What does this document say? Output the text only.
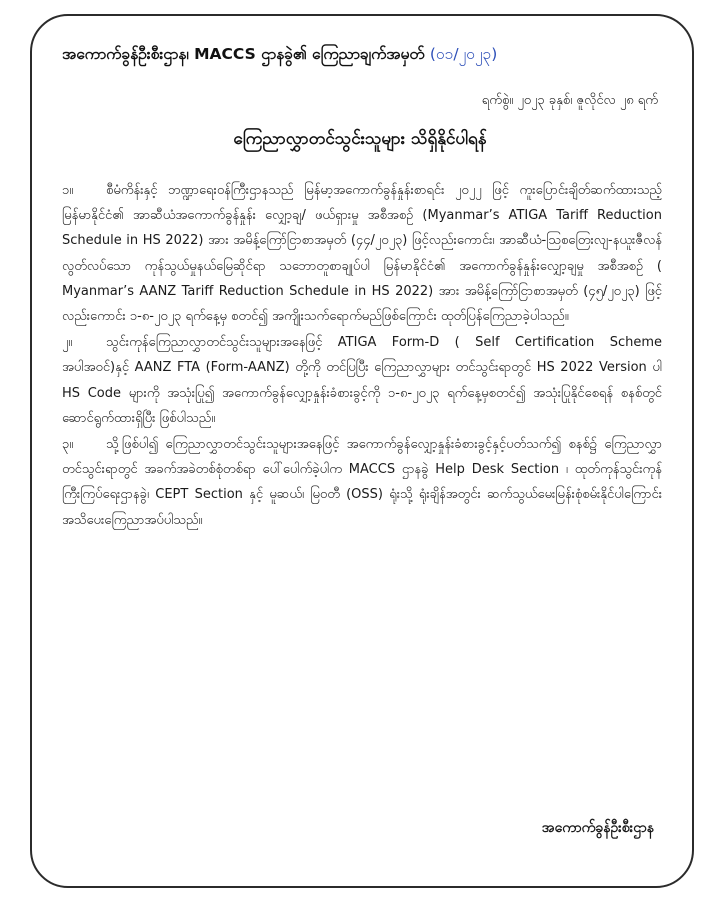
အကောက်ခွန်ဦးစီးဌာန၊ MACCS ဌာနခွဲ၏ ကြေညာချက်အမှတ် (၀၁/၂၀၂၃)
ရက်စွဲ။ ၂၀၂၃ ခုနှစ်၊ ဇူလိုင်လ ၂၈ ရက်
ကြေညာလွှာတင်သွင်းသူများ သိရှိနိုင်ပါရန်

၁။	စီမံကိန်းနှင့် ဘဏ္ဍာရေးဝန်ကြီးဌာနသည် မြန်မာ့အကောက်ခွန်နှုန်းစာရင်း ၂၀၂၂ ဖြင့် ကူးပြောင်းချိတ်ဆက်ထားသည့် မြန်မာနိုင်ငံ၏ အာဆီယံအကောက်ခွန်နှုန်း လျှော့ချ/ ဖယ်ရှားမှု အစီအစဉ် (Myanmar’s ATIGA Tariff Reduction Schedule in HS 2022) အား အမိန့်ကြော်ငြာစာအမှတ် (၄၄/၂၀၂၃) ဖြင့်လည်းကောင်း၊ အာဆီယံ-သြစတြေးလျ-နယူးဇီလန် လွတ်လပ်သော ကုန်သွယ်မှုနယ်မြေဆိုင်ရာ သဘောတူစာချုပ်ပါ မြန်မာနိုင်ငံ၏ အကောက်ခွန်နှုန်းလျှော့ချမှု အစီအစဉ် ( Myanmar’s AANZ Tariff Reduction Schedule in HS 2022) အား အမိန့်ကြော်ငြာစာအမှတ် (၄၅/၂၀၂၃) ဖြင့် လည်းကောင်း ၁-၈-၂၀၂၃ ရက်နေ့မှ စတင်၍ အကျိုးသက်ရောက်မည်ဖြစ်ကြောင်း ထုတ်ပြန်ကြေညာခဲ့ပါသည်။

၂။	သွင်းကုန်ကြေညာလွှာတင်သွင်းသူများအနေဖြင့် ATIGA Form-D ( Self Certification Scheme အပါအဝင်)နှင့် AANZ FTA (Form-AANZ) တို့ကို တင်ပြပြီး ကြေညာလွှာများ တင်သွင်းရာတွင် HS 2022 Version ပါ HS Code များကို အသုံးပြု၍ အကောက်ခွန်လျှော့နှုန်းခံစားခွင့်ကို ၁-၈-၂၀၂၃ ရက်နေ့မှစတင်၍ အသုံးပြုနိုင်စေရန် စနစ်တွင် ဆောင်ရွက်ထားရှိပြီး ဖြစ်ပါသည်။

၃။	သို့ဖြစ်ပါ၍ ကြေညာလွှာတင်သွင်းသူများအနေဖြင့် အကောက်ခွန်လျှော့နှုန်းခံစားခွင့်နှင့်ပတ်သက်၍ စနစ်၌ ကြေညာလွှာတင်သွင်းရာတွင် အခက်အခဲတစ်စုံတစ်ရာ ပေါ်ပေါက်ခဲ့ပါက MACCS ဌာနခွဲ Help Desk Section ၊ ထုတ်ကုန်သွင်းကုန်ကြီးကြပ်ရေးဌာနခွဲ၊ CEPT Section နှင့် မူဆယ်၊ မြဝတီ (OSS) ရုံးသို့ ရုံးချိန်အတွင်း ဆက်သွယ်မေးမြန်းစုံစမ်းနိုင်ပါကြောင်း အသိပေးကြေညာအပ်ပါသည်။

အကောက်ခွန်ဦးစီးဌာန
